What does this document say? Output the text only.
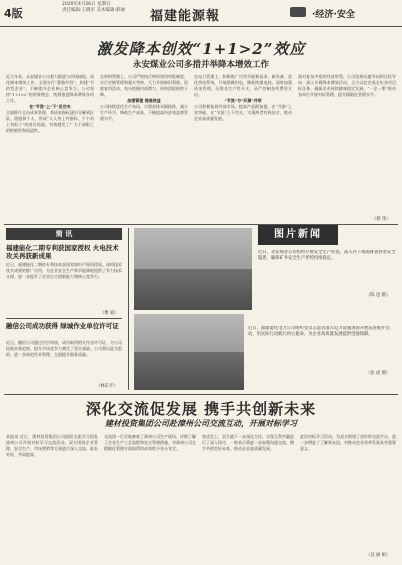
4版
2020年4月26日 星期日
责任编辑:王晓军 美术编辑:郝丽 福建能源報	·经济·安全
激发降本创效“1+1>2”效应
永安煤业公司多措并举降本增效工作
近几年来，永安煤业公司着力推进与市场接轨，深化降本增效工作，全面实行“算账经营”，构建“节约型企业”，不断提升企业核心竞争力。公司坚持“1+1>2”的创效理念，统筹推进降本增效各项工作。
在“节流”上“下”足功夫
全面推行全员成本管理，将成本指标逐层分解到区队、班组和个人，形成“人人身上有指标，个个肩上有担子”的良好局面，有效激发了广大干部职工的积极性和创造性。
在材料管理上，公司严格执行物资领用审批制度，实行定额管理和超支考核，大力开展修旧利废、回收复用活动，充分挖掘内部潜力，材料消耗持续下降。
加强管理 提高效益
公司持续优化生产布局，合理安排采掘接续，减少生产环节，降低生产成本，不断提高经济效益和管理水平。
在电力管理上，积极推广应用节能新技术、新设备，优化供电系统，开展错峰用电，降低吨煤电耗。同时加强资金管理，压缩非生产性开支，从严控制各项费用支出。
“节流”与“开源”并举
公司积极拓展外部市场，提高产品附加值，在“开源”上求突破，在“节流”上下功夫，实现两者有机结合，推动企业高质量发展。
面对复杂多变的经济形势，公司坚持问题导向和目标导向，深入开展降本增效活动，全力以赴完成全年各项目标任务，确保企业持续健康稳定发展。“一企一策”推动各单位开展对标管理，提升精细化管理水平。
（蔡 伟）
简 讯
福建能化二期专利获国家授权 火电技术攻关再获新成果
近日，福建能化二期的专利技术获国家知识产权局授权。该项技术攻关成果的推广应用，为企业安全生产和节能降耗提供了有力技术支撑，进一步提升了企业自主创新能力和核心竞争力。
（曹 斌）
融信公司成功获得 绿城作业单位许可证
近日，融信公司通过层层审核，成功取得相关作业许可证，为公司拓展业务范围、提升市场竞争力奠定了坚实基础。公司将以此为契机，进一步规范作业管理，全面提升服务质量。
（林东平）
图片新闻
近日，永安煤业公司组织开展安全生产检查，深入井下现场排查各类安全隐患，确保矿井安全生产形势持续稳定。
（陈 思 摄）
近日，福建能化电力公司组织党员志愿者深入电力设施现场开展巡查维护活动，用实际行动践行初心使命，为企业高质量发展提供坚强保障。
（张 虎 摄）
深化交流促发展 携手共创新未来
建材投资集团公司赴漳州公司交流互动，开展对标学习
本报讯 近日，建材投资集团公司组织交流学习团赴漳州公司开展对标学习交流活动。双方围绕企业管理、安全生产、市场营销等方面进行深入交流，取长补短，共同提高。
交流团一行实地参观了漳州公司生产现场，详细了解了企业生产工艺流程和安全管理措施，对漳州公司在精细化管理方面取得的成效给予充分肯定。
座谈会上，双方就下一步深化合作、实现互利共赢进行了深入探讨，一致表示将进一步加强沟通交流，携手共创美好未来，推动企业高质量发展。
此次对标学习活动，为双方搭建了良好的交流平台，进一步增进了了解和友谊，对推动企业改革发展具有重要意义。
（吴 丽 娟）
